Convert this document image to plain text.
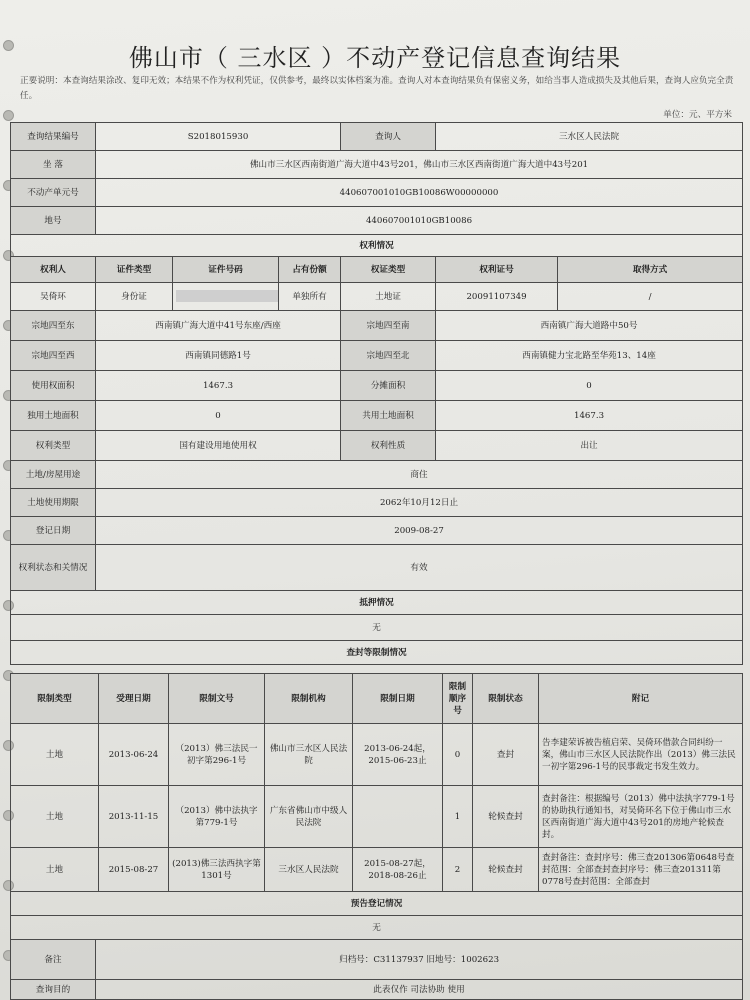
佛山市（ 三水区 ）不动产登记信息查询结果
正要说明：本查询结果涂改、复印无效；本结果不作为权利凭证，仅供参考，最终以实体档案为准。查询人对本查询结果负有保密义务，如给当事人造成损失及其他后果，查询人应负完全责任。
单位：元、平方米
查询结果编号	S2018015930			查询人	三水区人民法院	
坐 落	佛山市三水区西南街道广海大道中43号201，佛山市三水区西南街道广海大道中43号201					
不动产单元号	440607001010GB10086W00000000					
地号	440607001010GB10086					
权利情况						
权利人	证件类型	证件号码	占有份额	权证类型	权利证号	取得方式
吴倚环	身份证		单独所有	土地证	20091107349	/
宗地四至东	西南镇广海大道中41号东座/西座			宗地四至南	西南镇广海大道路中50号	
宗地四至西	西南镇同德路1号			宗地四至北	西南镇健力宝北路至华苑13、14座	
使用权面积	1467.3			分摊面积	0	
独用土地面积	0			共用土地面积	1467.3	
权利类型	国有建设用地使用权			权利性质	出让	
土地/房屋用途	商住					
土地使用期限	2062年10月12日止					
登记日期	2009-08-27					
权利状态和关情况	有效					
抵押情况						
无						
查封等限制情况						
限制类型	受理日期	限制文号	限制机构	限制日期	限制顺序号	限制状态	附记
土地	2013-06-24	（2013）佛三法民一初字第296-1号	佛山市三水区人民法院	2013-06-24起，2015-06-23止	0	查封	告李建荣诉被告植启荣、吴倚环借款合同纠纷一案，佛山市三水区人民法院作出（2013）佛三法民一初字第296-1号的民事裁定书发生效力。
土地	2013-11-15	（2013）佛中法执字第779-1号	广东省佛山市中级人民法院		1	轮候查封	查封备注：根据编号（2013）佛中法执字779-1号的协助执行通知书，对吴倚环名下位于佛山市三水区西南街道广海大道中43号201的房地产轮候查封。
土地	2015-08-27	(2013)佛三法西执字第1301号	三水区人民法院	2015-08-27起，2018-08-26止	2	轮候查封	查封备注：查封序号：佛三查201306第0648号查封范围：全部查封查封序号：佛三查201311第0778号查封范围：全部查封
预告登记情况	
无	
备注	归档号：C31137937 旧地号：1002623
查询目的	此表仅作 司法协助 使用
